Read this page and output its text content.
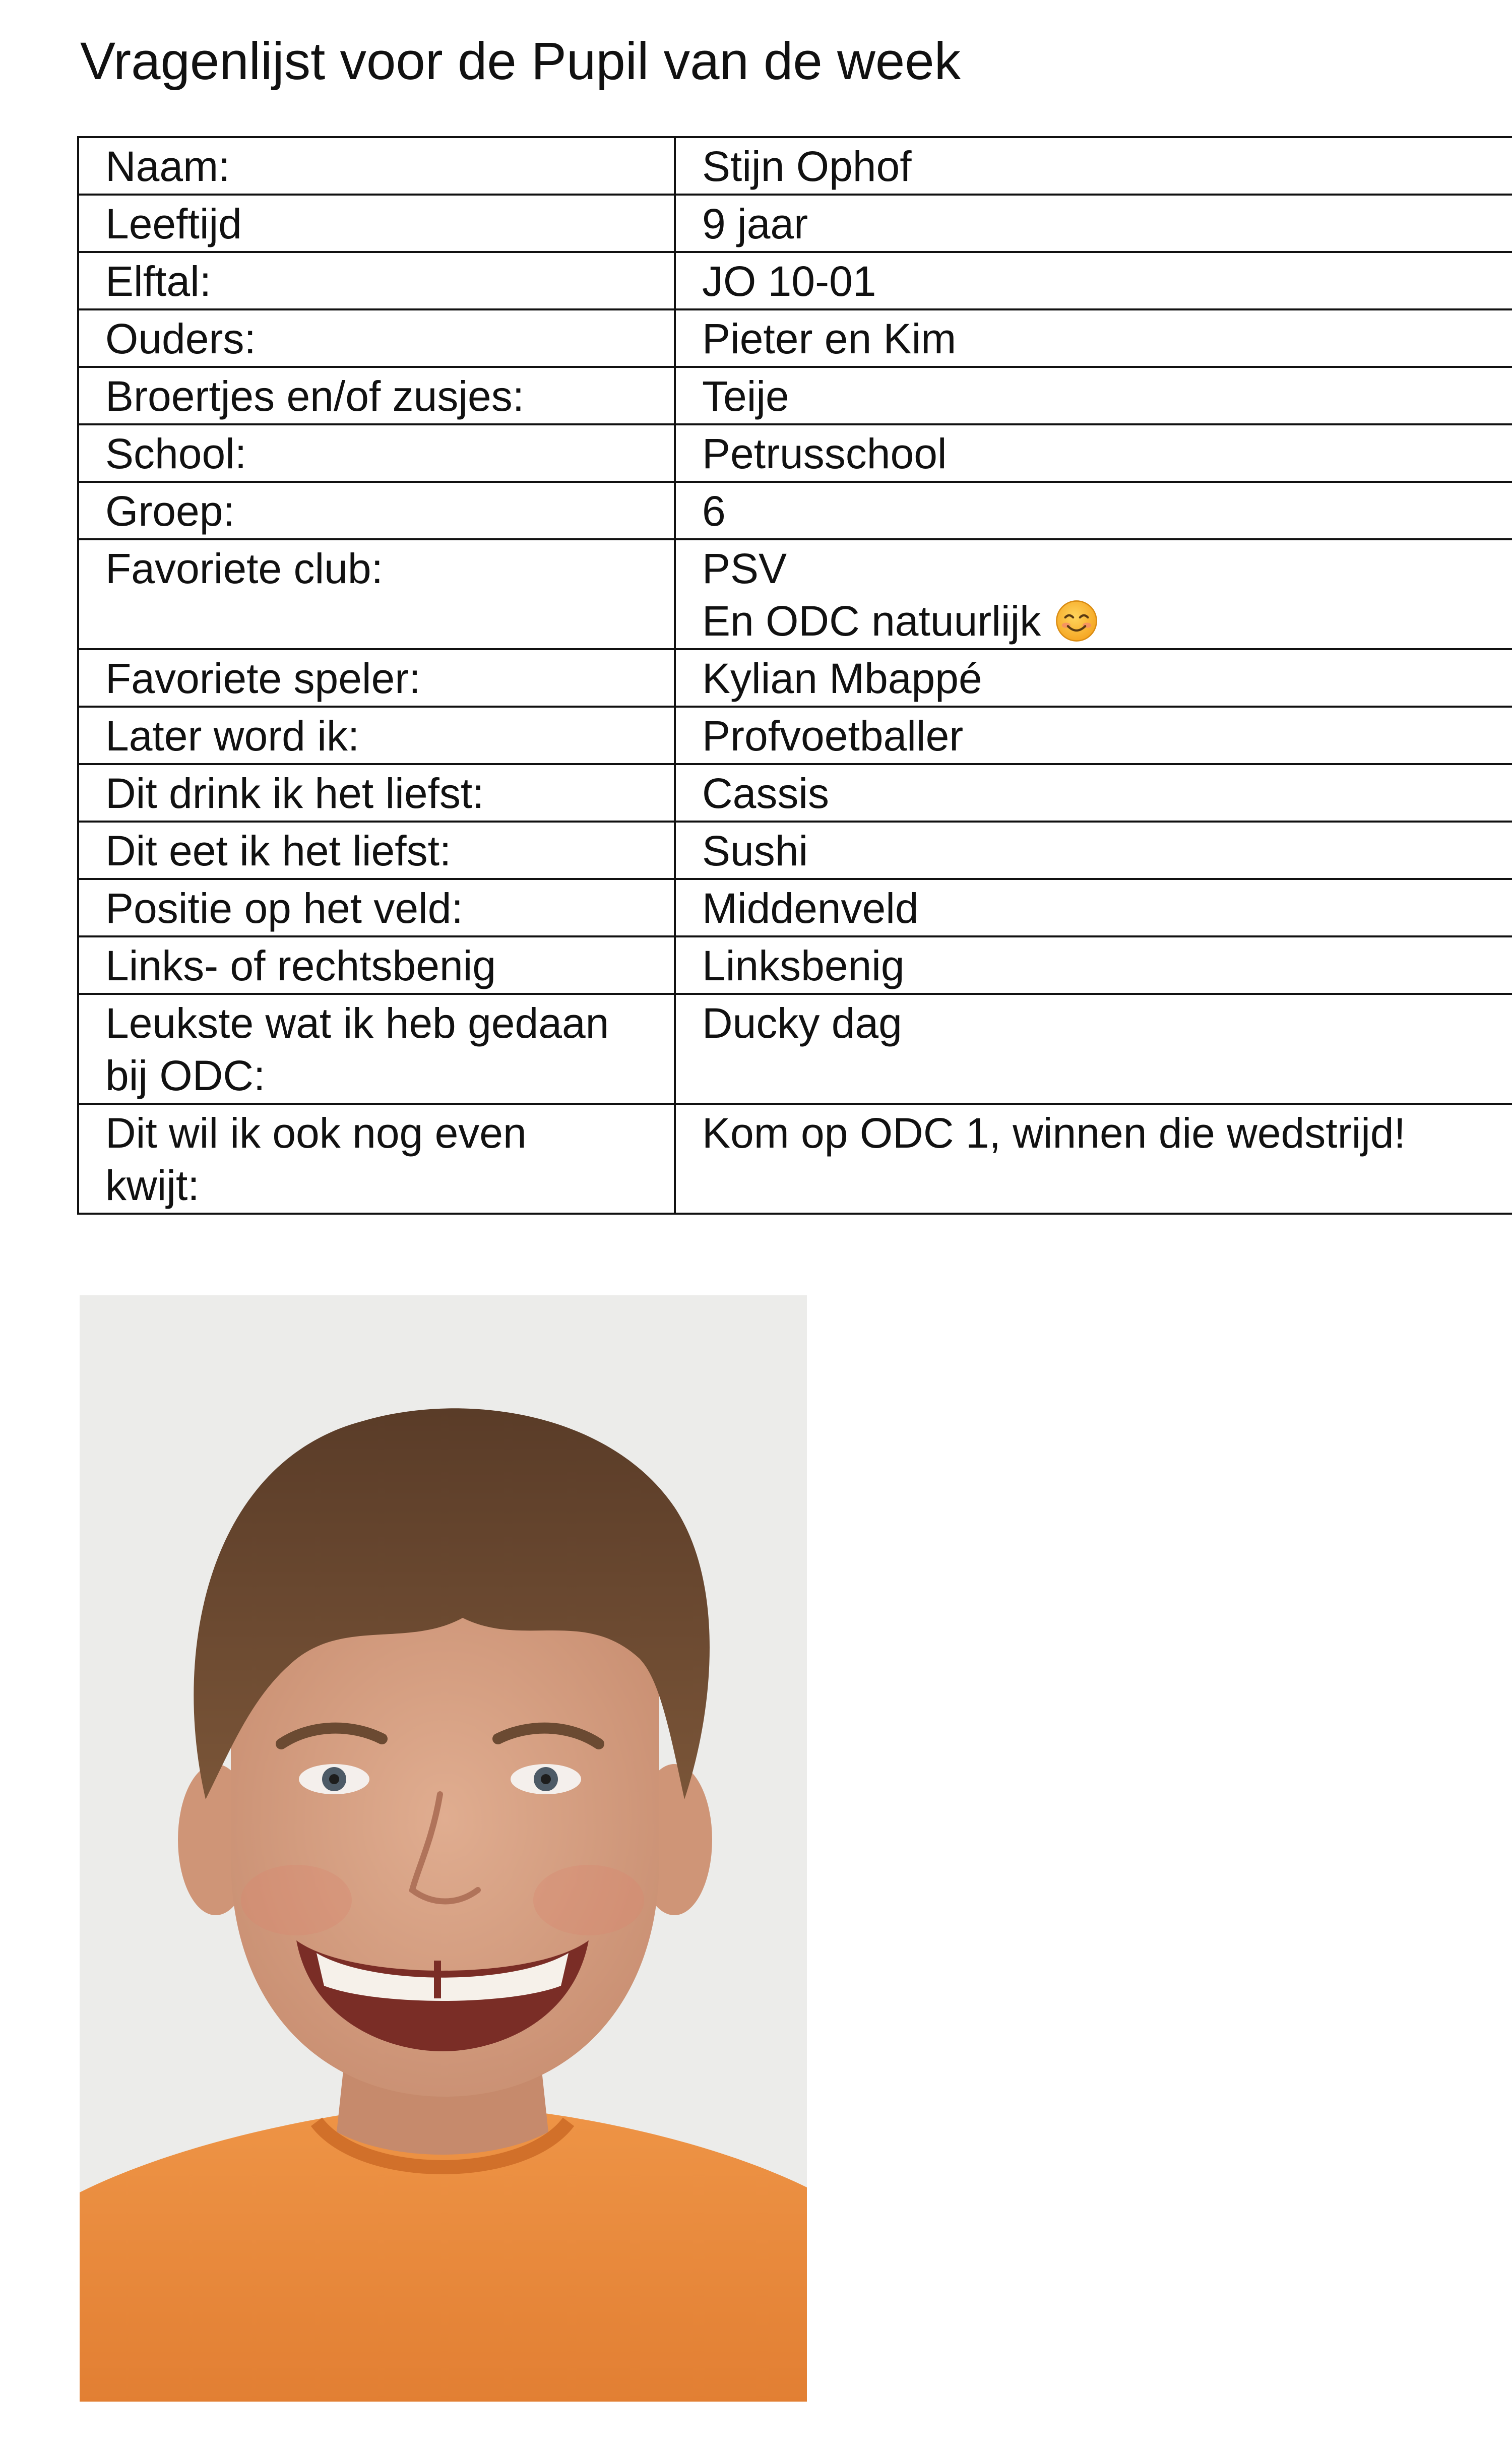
Vragenlijst voor de Pupil van de week
Naam:	Stijn Ophof
Leeftijd	9 jaar
Elftal:	JO 10-01
Ouders:	Pieter en Kim
Broertjes en/of zusjes:	Teije
School:	Petrusschool
Groep:	6
Favoriete club:	PSV
En ODC natuurlijk

Favoriete speler:	Kylian Mbappé
Later word ik:	Profvoetballer
Dit drink ik het liefst:	Cassis
Dit eet ik het liefst:	Sushi
Positie op het veld:	Middenveld
Links- of rechtsbenig	Linksbenig

Leukste wat ik heb gedaan
bij ODC:	Ducky dag

Dit wil ik ook nog even
kwijt:	Kom op ODC 1, winnen die wedstrijd!
